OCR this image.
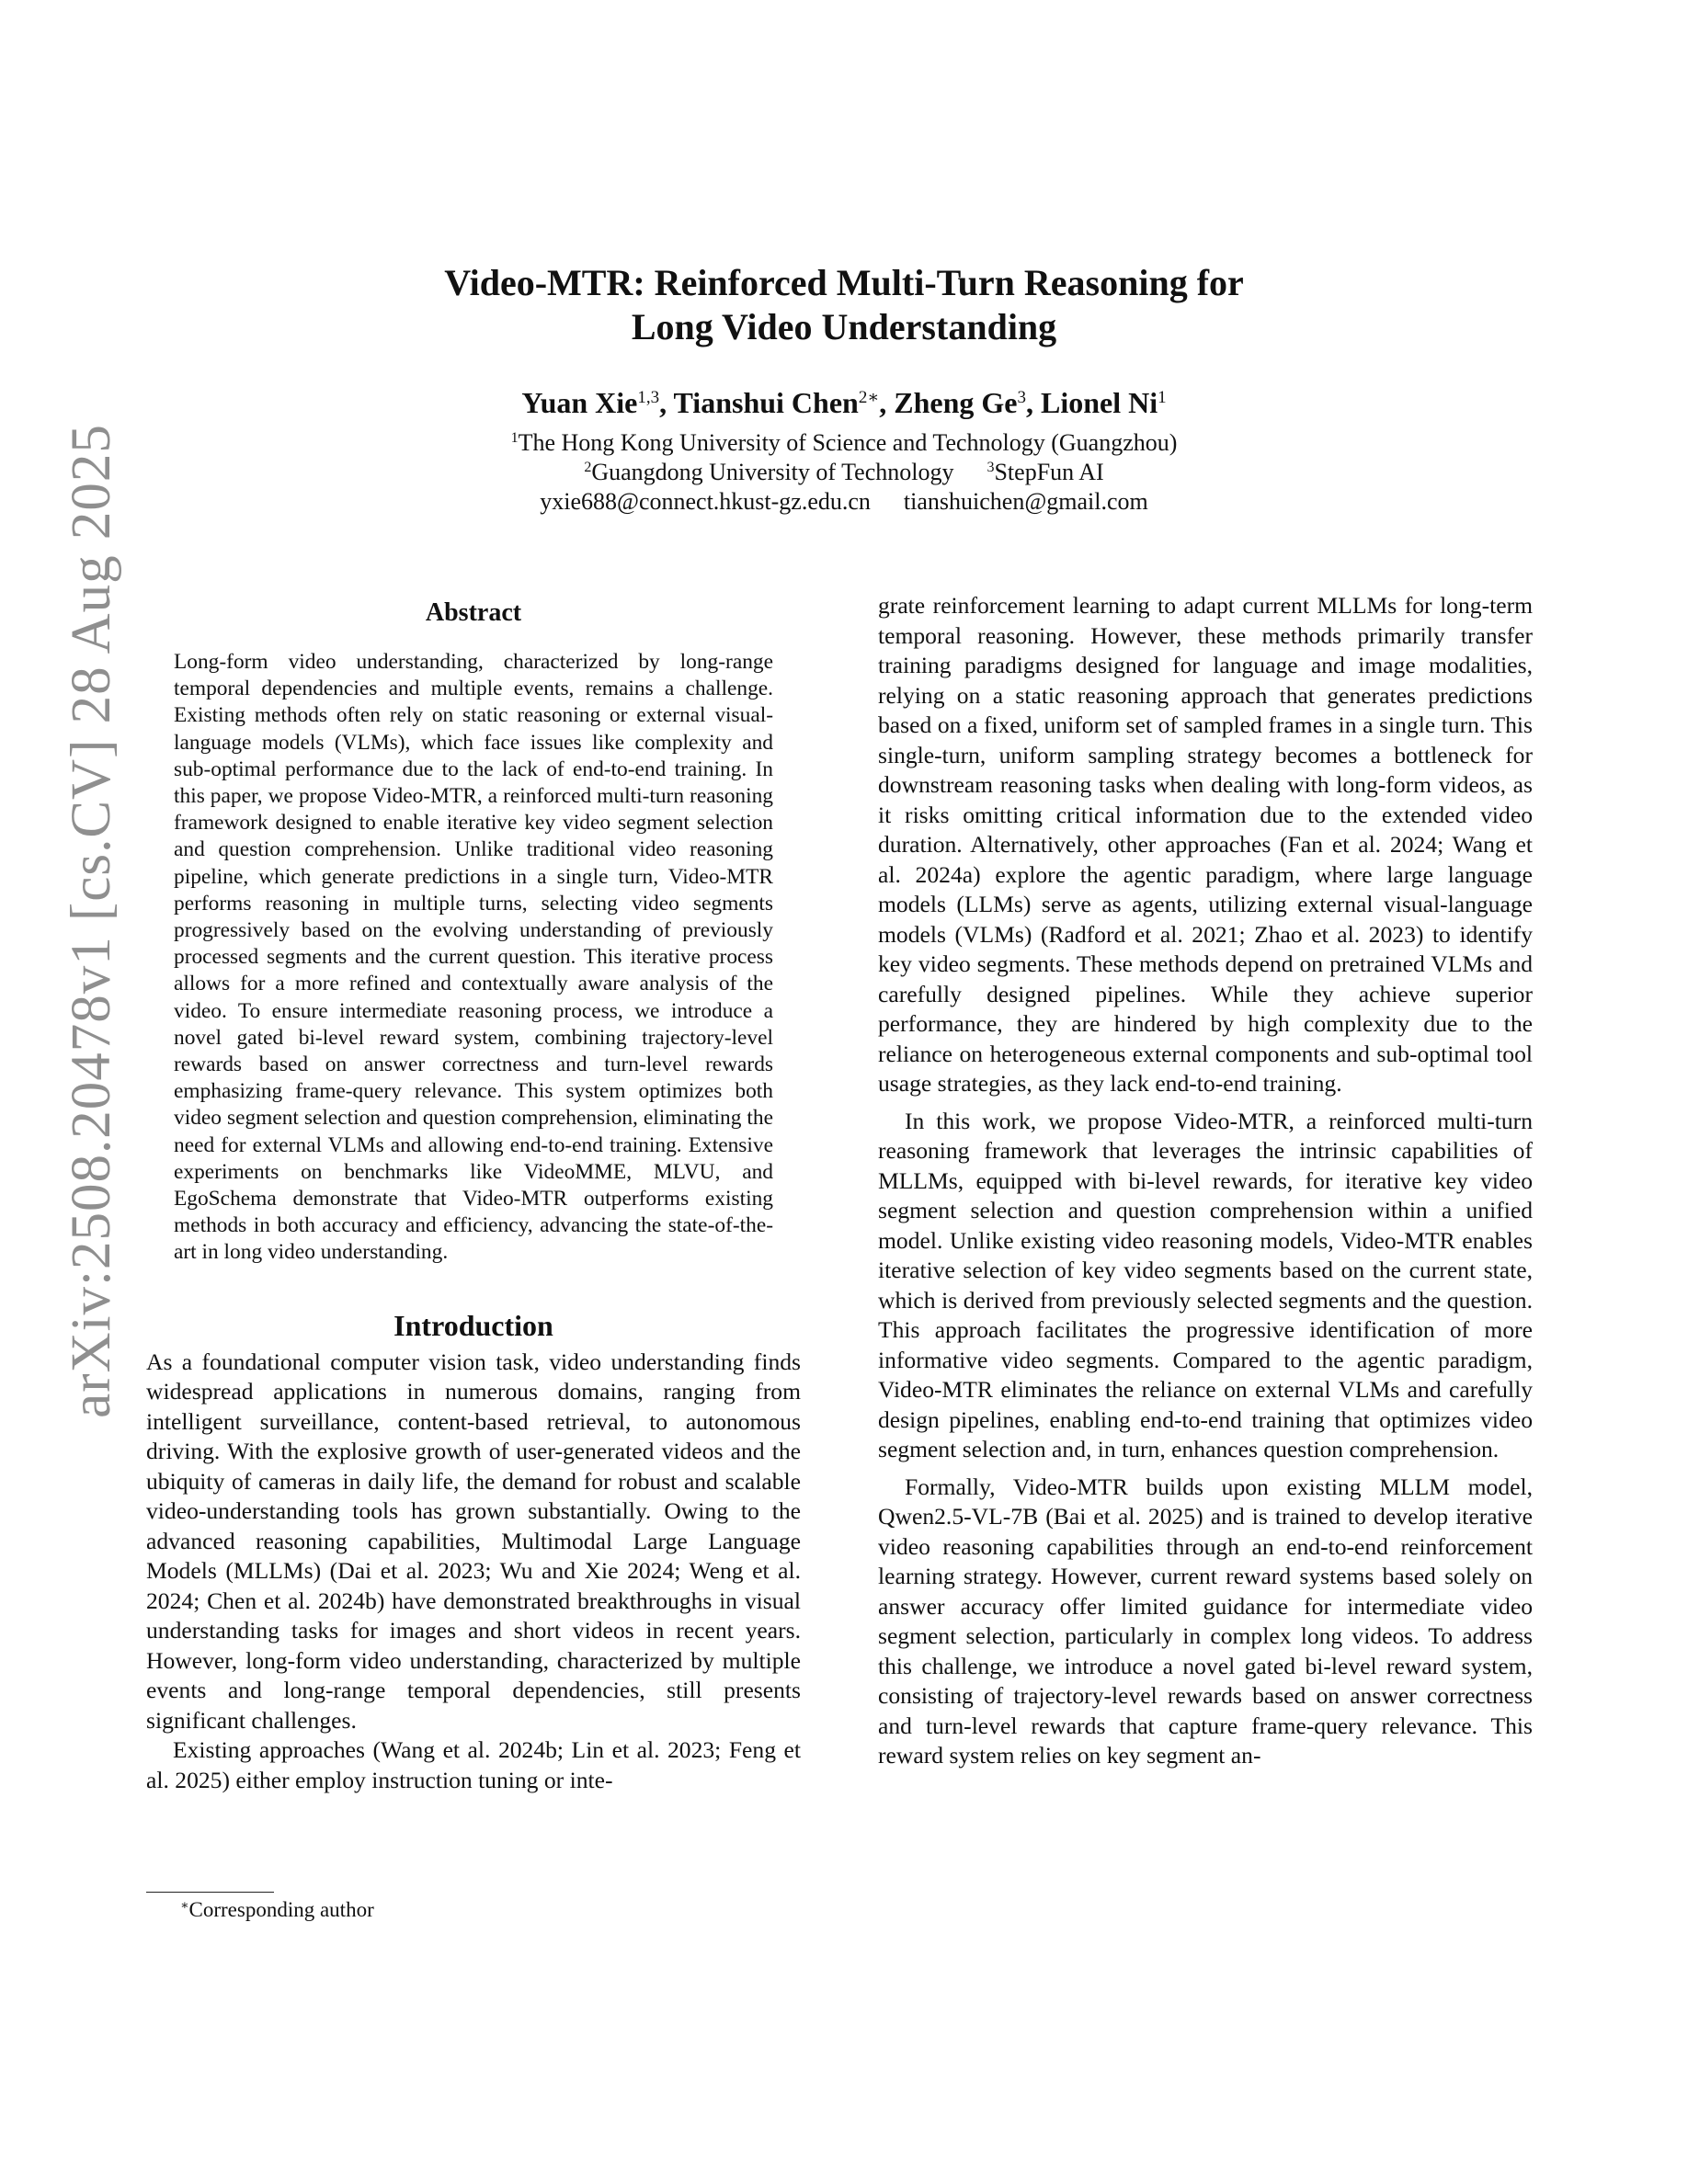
arXiv:2508.20478v1 [cs.CV] 28 Aug 2025
Video-MTR: Reinforced Multi-Turn Reasoning for
Long Video Understanding
Yuan Xie$^{1,3}$, Tianshui Chen$^{2∗}$, Zheng Ge$^3$, Lionel Ni$^1$
$^1$The Hong Kong University of Science and Technology (Guangzhou)
$^2$Guangdong University of Technology $^3$StepFun AI
yxie688@connect.hkust-gz.edu.cn tianshuichen@gmail.com
Abstract

Long-form video understanding, characterized by long-range temporal dependencies and multiple events, remains a challenge. Existing methods often rely on static reasoning or external visual-language models (VLMs), which face issues like complexity and sub-optimal performance due to the lack of end-to-end training. In this paper, we propose Video-MTR, a reinforced multi-turn reasoning framework designed to enable iterative key video segment selection and question comprehension. Unlike traditional video reasoning pipeline, which generate predictions in a single turn, Video-MTR performs reasoning in multiple turns, selecting video segments progressively based on the evolving understanding of previously processed segments and the current question. This iterative process allows for a more refined and contextually aware analysis of the video. To ensure intermediate reasoning process, we introduce a novel gated bi-level reward system, combining trajectory-level rewards based on answer correctness and turn-level rewards emphasizing frame-query relevance. This system optimizes both video segment selection and question comprehension, eliminating the need for external VLMs and allowing end-to-end training. Extensive experiments on benchmarks like VideoMME, MLVU, and EgoSchema demonstrate that Video-MTR outperforms existing methods in both accuracy and efficiency, advancing the state-of-the-art in long video understanding.

Introduction

As a foundational computer vision task, video understanding finds widespread applications in numerous domains, ranging from intelligent surveillance, content-based retrieval, to autonomous driving. With the explosive growth of user-generated videos and the ubiquity of cameras in daily life, the demand for robust and scalable video-understanding tools has grown substantially. Owing to the advanced reasoning capabilities, Multimodal Large Language Models (MLLMs) (Dai et al. 2023; Wu and Xie 2024; Weng et al. 2024; Chen et al. 2024b) have demonstrated breakthroughs in visual understanding tasks for images and short videos in recent years. However, long-form video understanding, characterized by multiple events and long-range temporal dependencies, still presents significant challenges.

Existing approaches (Wang et al. 2024b; Lin et al. 2023; Feng et al. 2025) either employ instruction tuning or inte-

grate reinforcement learning to adapt current MLLMs for long-term temporal reasoning. However, these methods primarily transfer training paradigms designed for language and image modalities, relying on a static reasoning approach that generates predictions based on a fixed, uniform set of sampled frames in a single turn. This single-turn, uniform sampling strategy becomes a bottleneck for downstream reasoning tasks when dealing with long-form videos, as it risks omitting critical information due to the extended video duration. Alternatively, other approaches (Fan et al. 2024; Wang et al. 2024a) explore the agentic paradigm, where large language models (LLMs) serve as agents, utilizing external visual-language models (VLMs) (Radford et al. 2021; Zhao et al. 2023) to identify key video segments. These methods depend on pretrained VLMs and carefully designed pipelines. While they achieve superior performance, they are hindered by high complexity due to the reliance on heterogeneous external components and sub-optimal tool usage strategies, as they lack end-to-end training.

In this work, we propose Video-MTR, a reinforced multi-turn reasoning framework that leverages the intrinsic capabilities of MLLMs, equipped with bi-level rewards, for iterative key video segment selection and question comprehension within a unified model. Unlike existing video reasoning models, Video-MTR enables iterative selection of key video segments based on the current state, which is derived from previously selected segments and the question. This approach facilitates the progressive identification of more informative video segments. Compared to the agentic paradigm, Video-MTR eliminates the reliance on external VLMs and carefully design pipelines, enabling end-to-end training that optimizes video segment selection and, in turn, enhances question comprehension.

Formally, Video-MTR builds upon existing MLLM model, Qwen2.5-VL-7B (Bai et al. 2025) and is trained to develop iterative video reasoning capabilities through an end-to-end reinforcement learning strategy. However, current reward systems based solely on answer accuracy offer limited guidance for intermediate video segment selection, particularly in complex long videos. To address this challenge, we introduce a novel gated bi-level reward system, consisting of trajectory-level rewards based on answer correctness and turn-level rewards that capture frame-query relevance. This reward system relies on key segment an-

∗Corresponding author
